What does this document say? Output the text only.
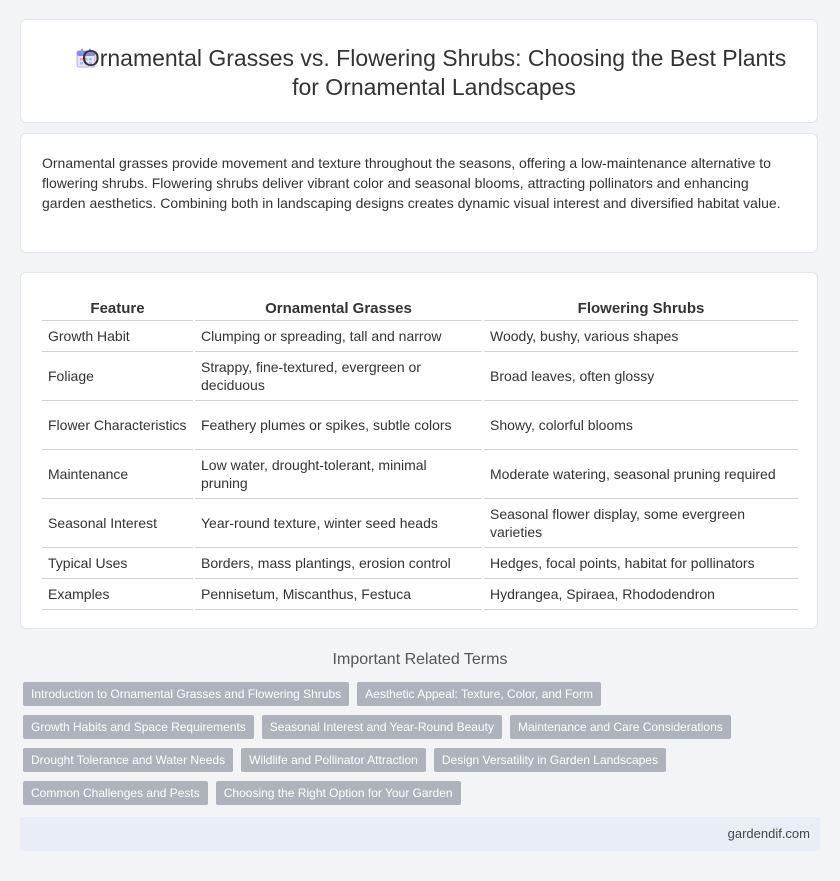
Ornamental Grasses vs. Flowering Shrubs: Choosing the Best Plants for Ornamental Landscapes

Ornamental grasses provide movement and texture throughout the seasons, offering a low-maintenance alternative to flowering shrubs. Flowering shrubs deliver vibrant color and seasonal blooms, attracting pollinators and enhancing garden aesthetics. Combining both in landscaping designs creates dynamic visual interest and diversified habitat value.

Feature	Ornamental Grasses	Flowering Shrubs
Growth Habit	Clumping or spreading, tall and narrow	Woody, bushy, various shapes
Foliage	Strappy, fine-textured, evergreen or deciduous	Broad leaves, often glossy
Flower Characteristics	Feathery plumes or spikes, subtle colors	Showy, colorful blooms
Maintenance	Low water, drought-tolerant, minimal pruning	Moderate watering, seasonal pruning required
Seasonal Interest	Year-round texture, winter seed heads	Seasonal flower display, some evergreen varieties
Typical Uses	Borders, mass plantings, erosion control	Hedges, focal points, habitat for pollinators
Examples	Pennisetum, Miscanthus, Festuca	Hydrangea, Spiraea, Rhododendron
Important Related Terms
Introduction to Ornamental Grasses and Flowering Shrubs	Aesthetic Appeal: Texture, Color, and Form
Growth Habits and Space Requirements	Seasonal Interest and Year-Round Beauty	Maintenance and Care Considerations
Drought Tolerance and Water Needs	Wildlife and Pollinator Attraction	Design Versatility in Garden Landscapes
Common Challenges and Pests	Choosing the Right Option for Your Garden
gardendif.com
